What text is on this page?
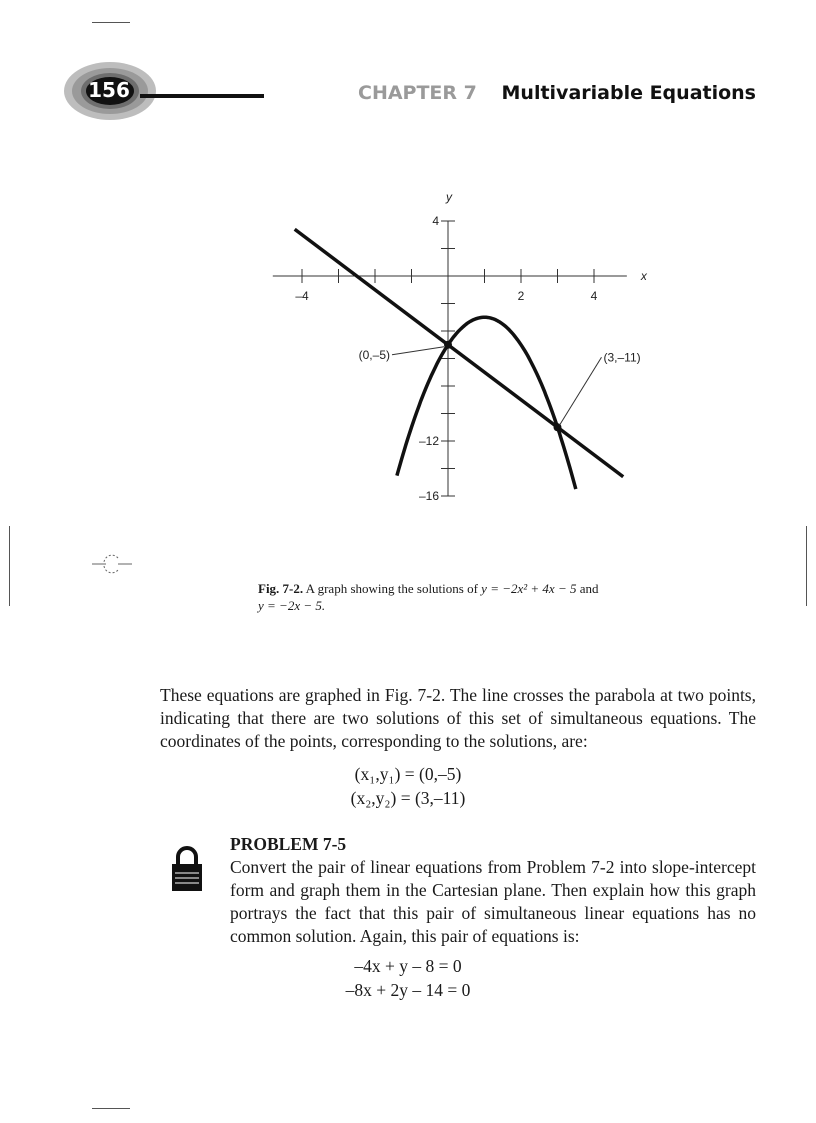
156	CHAPTER 7 Multivariable Equations
x
y
–4	2	4
4
–12
–16
(0,–5)	(3,–11)
Fig. 7-2. A graph showing the solutions of y = −2x² + 4x − 5 and
y = −2x − 5.

These equations are graphed in Fig. 7-2. The line crosses the parabola at two points, indicating that there are two solutions of this set of simultaneous equations. The coordinates of the points, corresponding to the solutions, are:

(x₁,y₁) = (0,–5)
(x₂,y₂) = (3,–11)
PROBLEM 7-5

Convert the pair of linear equations from Problem 7-2 into slope-intercept form and graph them in the Cartesian plane. Then explain how this graph portrays the fact that this pair of simultaneous linear equations has no common solution. Again, this pair of equations is:

–4x + y – 8 = 0
–8x + 2y – 14 = 0
